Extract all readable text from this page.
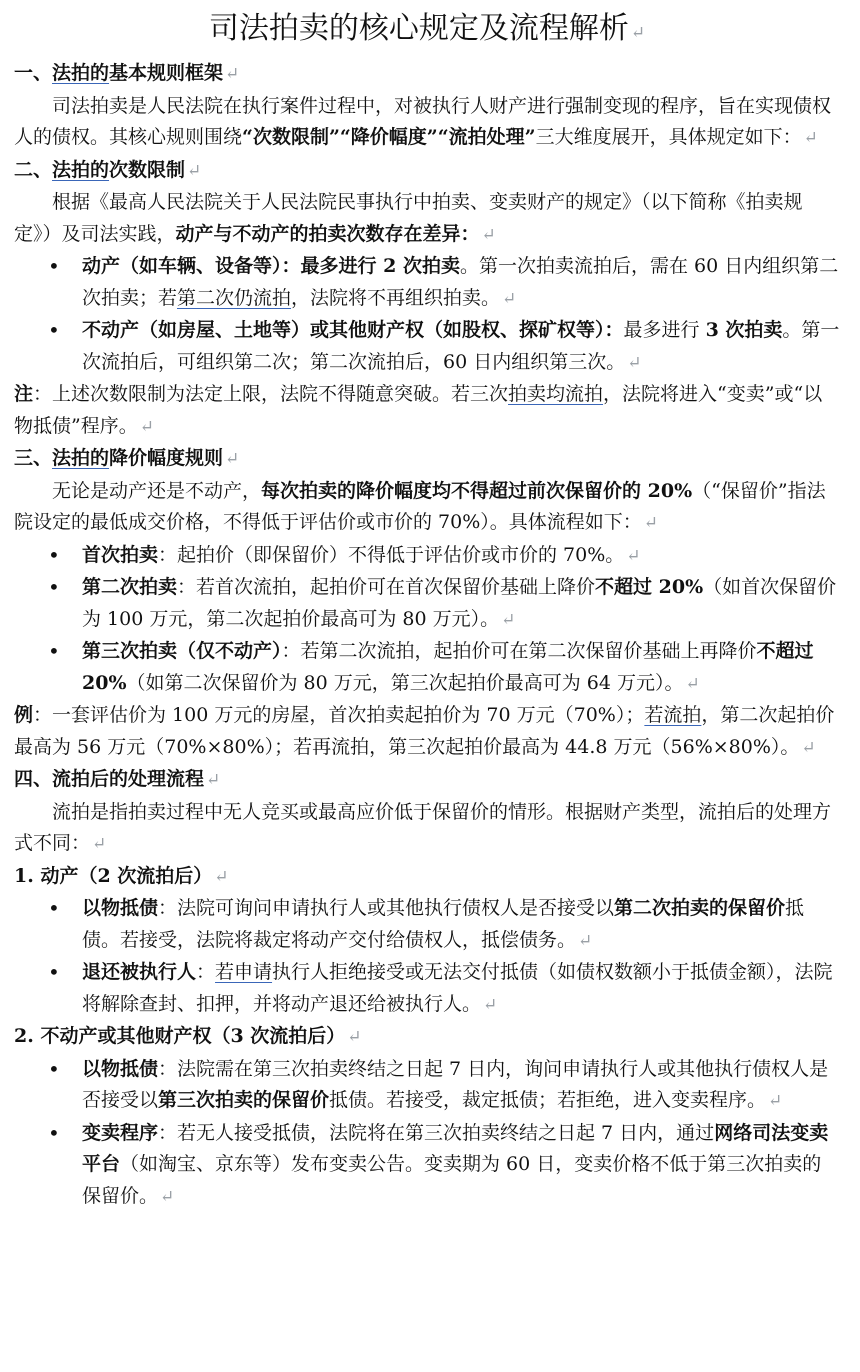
司法拍卖的核心规定及流程解析 ↵

一、法拍的基本规则框架 ↵

司法拍卖是人民法院在执行案件过程中，对被执行人财产进行强制变现的程序，旨在实现债权人的债权。其核心规则围绕“次数限制”“降价幅度”“流拍处理”三大维度展开，具体规定如下： ↵

二、法拍的次数限制 ↵

根据《最高人民法院关于人民法院民事执行中拍卖、变卖财产的规定》（以下简称《拍卖规定》）及司法实践，动产与不动产的拍卖次数存在差异： ↵

• 动产（如车辆、设备等）：最多进行 2 次拍卖。第一次拍卖流拍后，需在 60 日内组织第二次拍卖；若第二次仍流拍，法院将不再组织拍卖。 ↵
• 不动产（如房屋、土地等）或其他财产权（如股权、探矿权等）：最多进行 3 次拍卖。第一次流拍后，可组织第二次；第二次流拍后，60 日内组织第三次。 ↵

注：上述次数限制为法定上限，法院不得随意突破。若三次拍卖均流拍，法院将进入“变卖”或“以物抵债”程序。 ↵

三、法拍的降价幅度规则 ↵

无论是动产还是不动产，每次拍卖的降价幅度均不得超过前次保留价的 20%（“保留价”指法院设定的最低成交价格，不得低于评估价或市价的 70%）。具体流程如下： ↵

• 首次拍卖：起拍价（即保留价）不得低于评估价或市价的 70%。 ↵
• 第二次拍卖：若首次流拍，起拍价可在首次保留价基础上降价不超过 20%（如首次保留价为 100 万元，第二次起拍价最高可为 80 万元）。 ↵
• 第三次拍卖（仅不动产）：若第二次流拍，起拍价可在第二次保留价基础上再降价不超过 20%（如第二次保留价为 80 万元，第三次起拍价最高可为 64 万元）。 ↵

例：一套评估价为 100 万元的房屋，首次拍卖起拍价为 70 万元（70%）；若流拍，第二次起拍价最高为 56 万元（70%×80%）；若再流拍，第三次起拍价最高为 44.8 万元（56%×80%）。 ↵

四、流拍后的处理流程 ↵

流拍是指拍卖过程中无人竞买或最高应价低于保留价的情形。根据财产类型，流拍后的处理方式不同： ↵

1. 动产（2 次流拍后） ↵

• 以物抵债：法院可询问申请执行人或其他执行债权人是否接受以第二次拍卖的保留价抵债。若接受，法院将裁定将动产交付给债权人，抵偿债务。 ↵
• 退还被执行人：若申请执行人拒绝接受或无法交付抵债（如债权数额小于抵债金额），法院将解除查封、扣押，并将动产退还给被执行人。 ↵

2. 不动产或其他财产权（3 次流拍后） ↵

• 以物抵债：法院需在第三次拍卖终结之日起 7 日内，询问申请执行人或其他执行债权人是否接受以第三次拍卖的保留价抵债。若接受，裁定抵债；若拒绝，进入变卖程序。 ↵
• 变卖程序：若无人接受抵债，法院将在第三次拍卖终结之日起 7 日内，通过网络司法变卖平台（如淘宝、京东等）发布变卖公告。变卖期为 60 日，变卖价格不低于第三次拍卖的保留价。 ↵
